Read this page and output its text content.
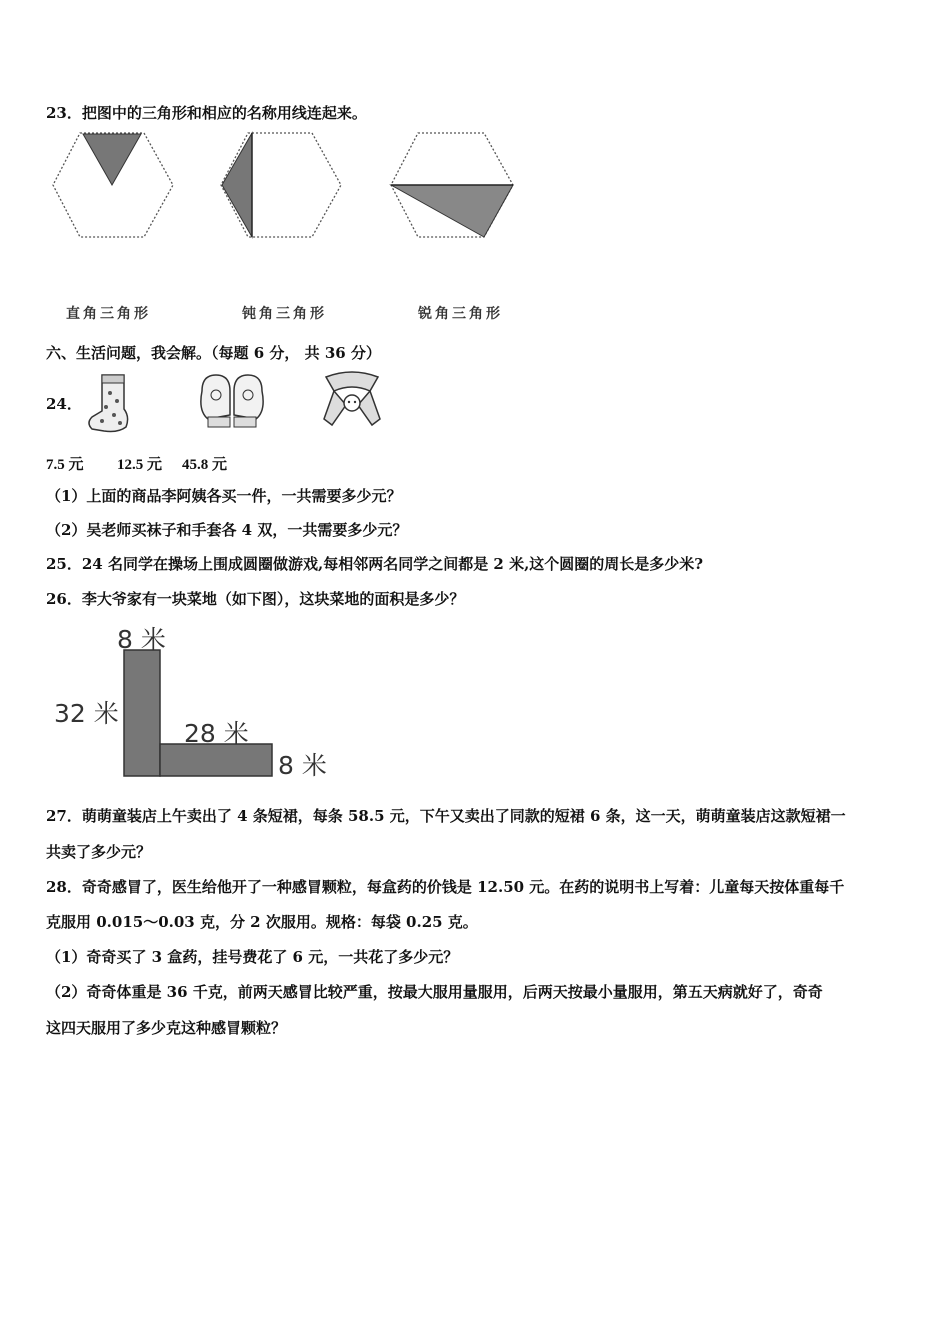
23．把图中的三角形和相应的名称用线连起来。
直角三角形	钝角三角形	锐角三角形
六、生活问题，我会解。（每题 6 分， 共 36 分）
24．
7.5 元 12.5 元 45.8 元
（1）上面的商品李阿姨各买一件，一共需要多少元？
（2）吴老师买袜子和手套各 4 双，一共需要多少元？
25．24 名同学在操场上围成圆圈做游戏,每相邻两名同学之间都是 2 米,这个圆圈的周长是多少米?
26．李大爷家有一块菜地（如下图），这块菜地的面积是多少？
8 米
32 米
28 米
8 米
27．萌萌童装店上午卖出了 4 条短裙，每条 58.5 元，下午又卖出了同款的短裙 6 条，这一天，萌萌童装店这款短裙一
共卖了多少元？
28．奇奇感冒了，医生给他开了一种感冒颗粒，每盒药的价钱是 12.50 元。在药的说明书上写着：儿童每天按体重每千
克服用 0.015～0.03 克，分 2 次服用。规格：每袋 0.25 克。
（1）奇奇买了 3 盒药，挂号费花了 6 元，一共花了多少元？
（2）奇奇体重是 36 千克，前两天感冒比较严重，按最大服用量服用，后两天按最小量服用，第五天病就好了，奇奇
这四天服用了多少克这种感冒颗粒？
